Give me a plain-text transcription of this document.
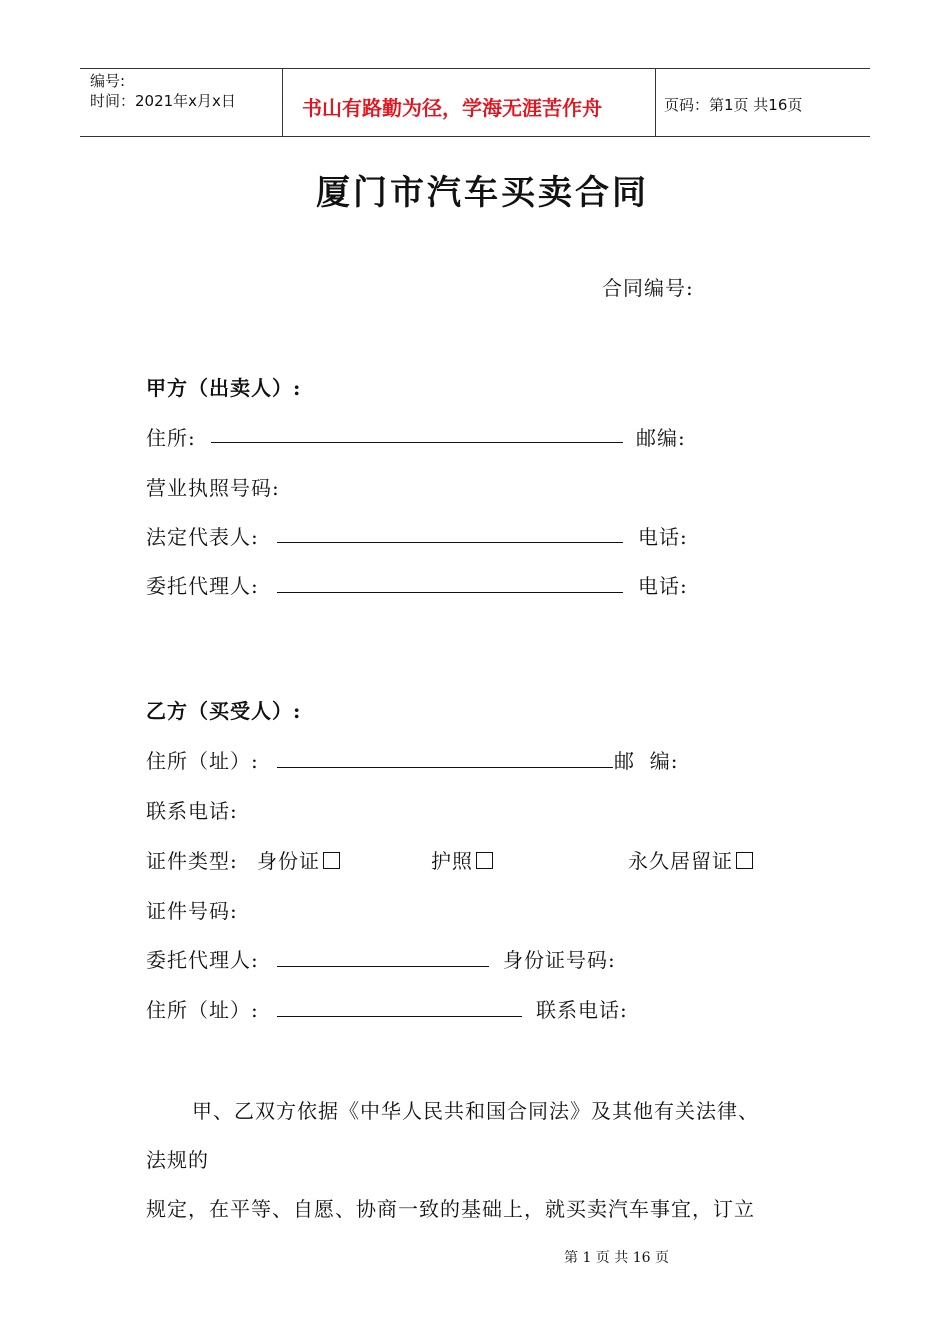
编号:
时间：2021年x月x日	书山有路勤为径，学海无涯苦作舟	页码：第1页 共16页
厦门市汽车买卖合同
合同编号:
甲方（出卖人）:
住所:	邮编:
营业执照号码:
法定代表人:	电话:
委托代理人:	电话:
乙方（买受人）:
住所（址）:	邮  编:
联系电话:
证件类型: 身份证	护照	永久居留证
证件号码:
委托代理人:	身份证号码:
住所（址）:	联系电话:
甲、乙双方依据《中华人民共和国合同法》及其他有关法律、
法规的
规定，在平等、自愿、协商一致的基础上，就买卖汽车事宜，订立
第 1 页 共 16 页
